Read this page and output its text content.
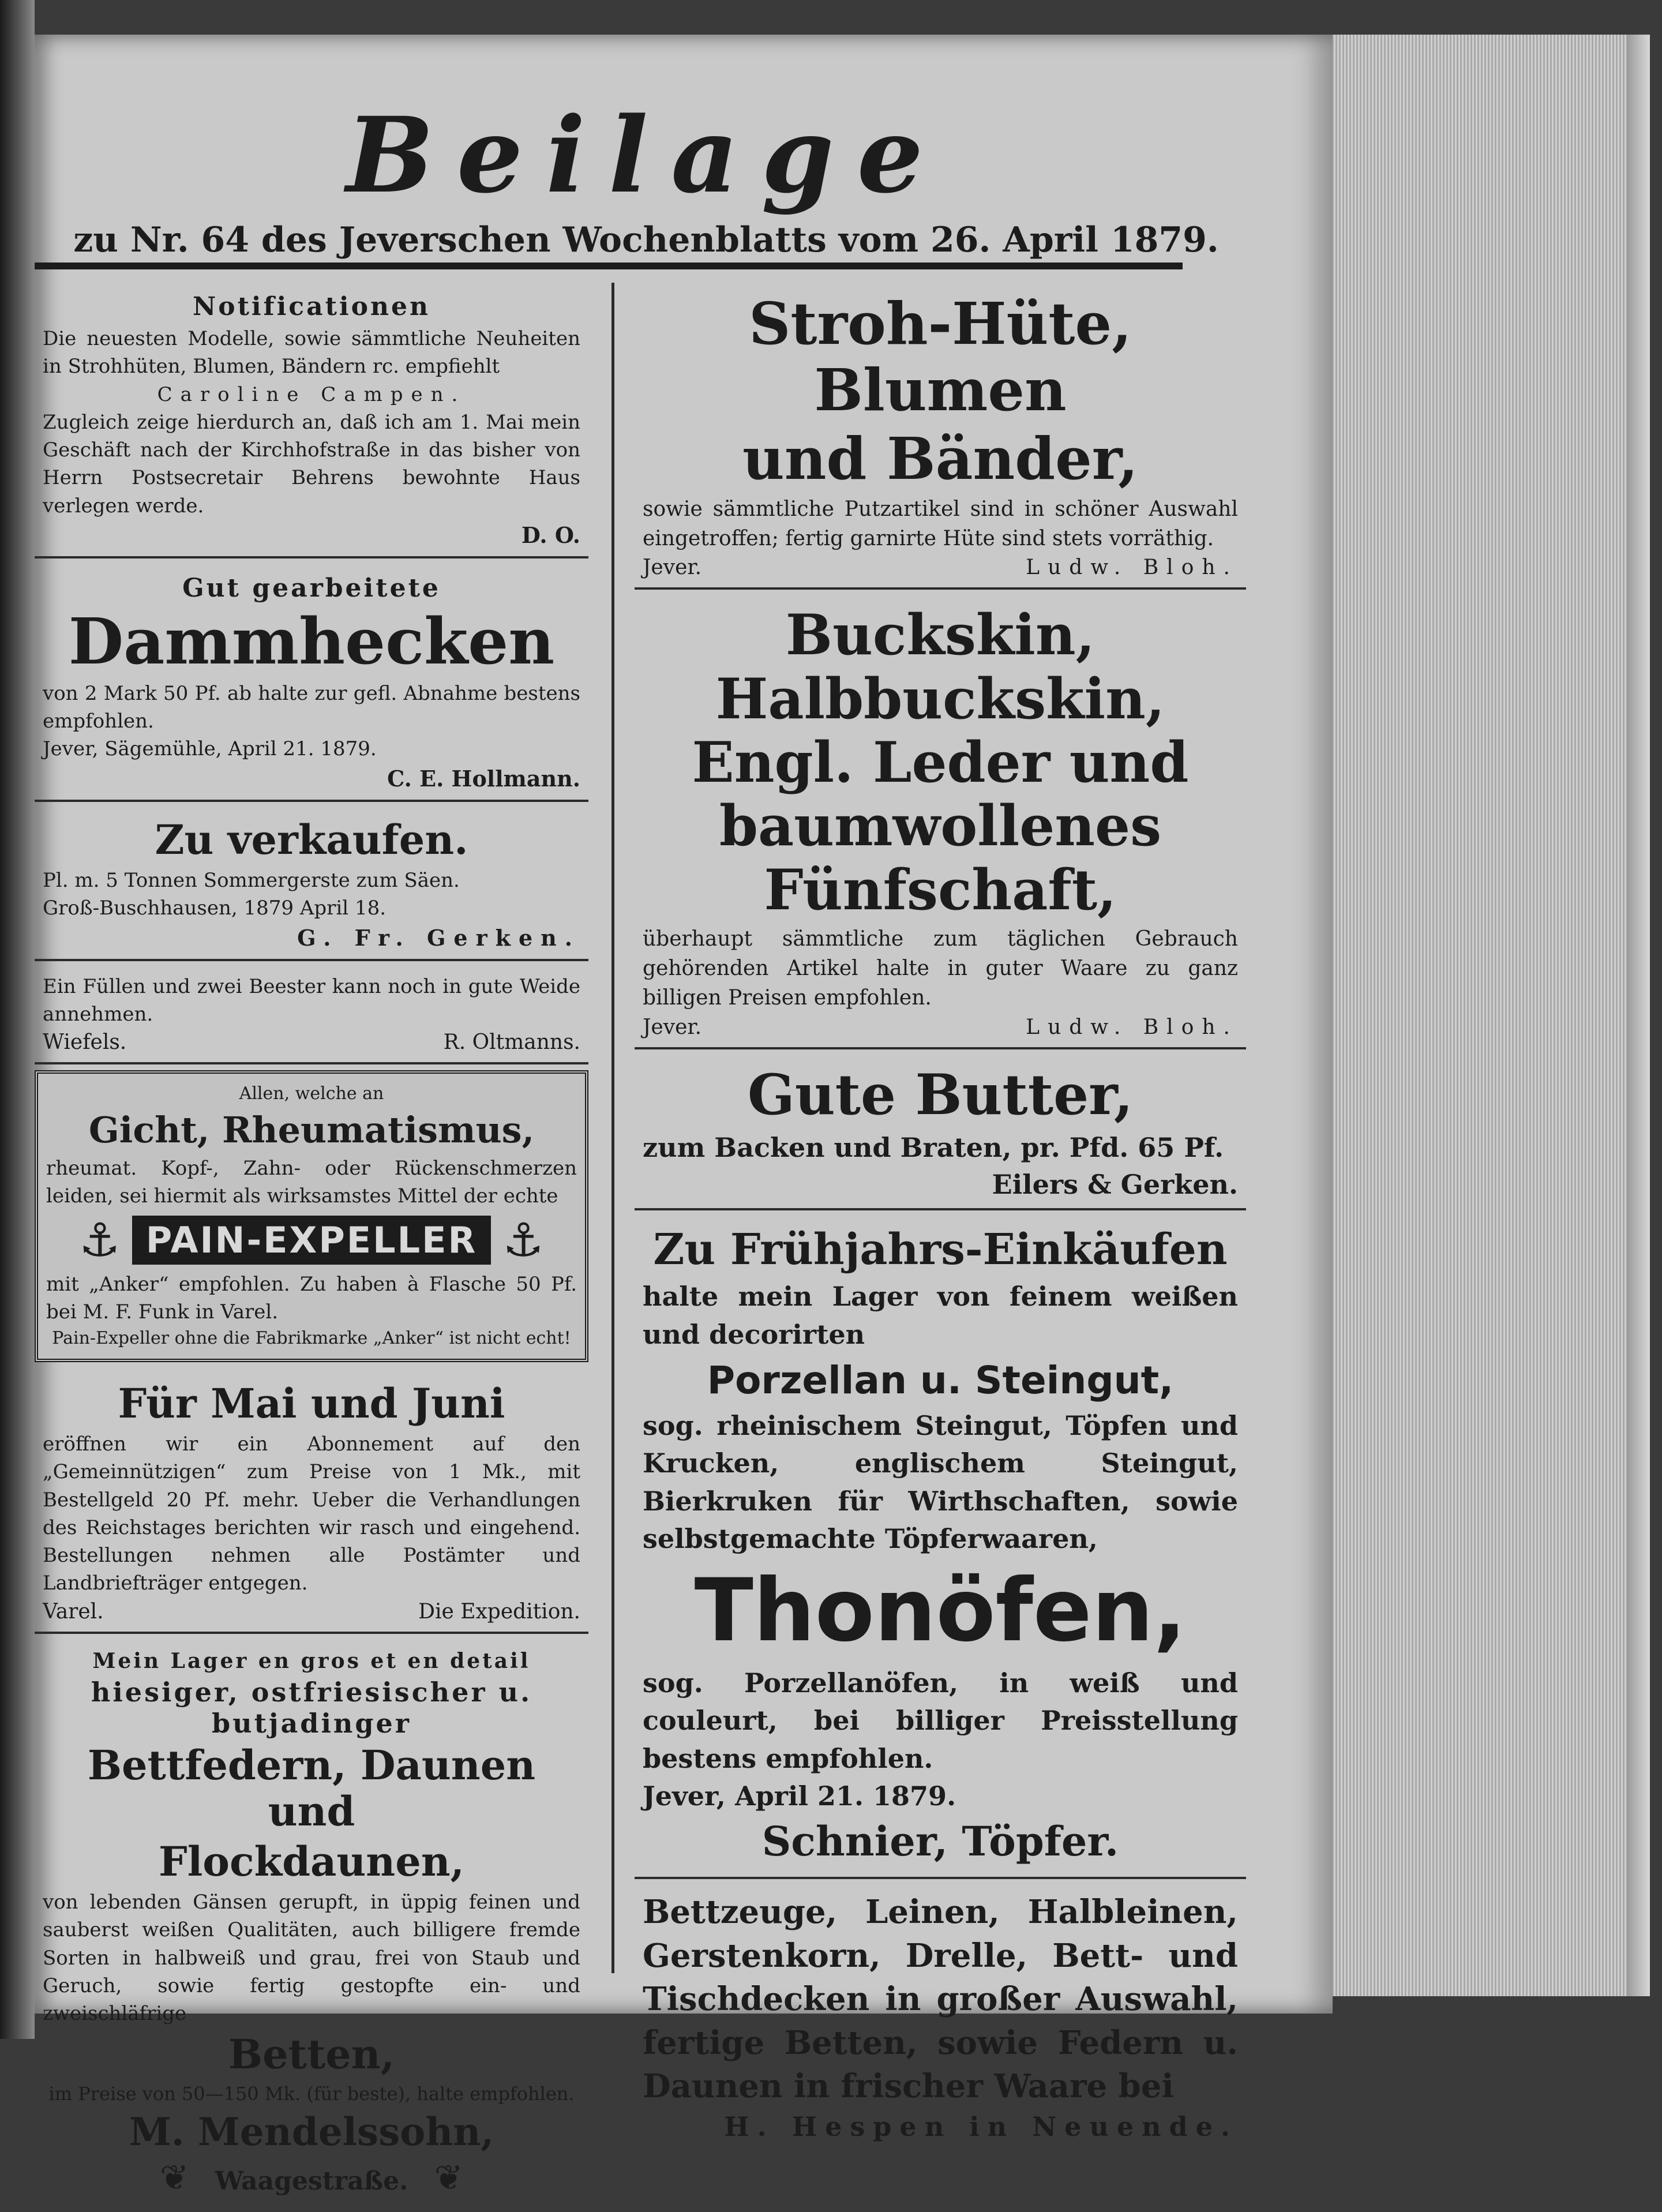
Beilage
zu Nr. 64 des Jeverschen Wochenblatts vom 26. April 1879.
Notificationen

Die neuesten Modelle, sowie sämmtliche Neuheiten in Strohhüten, Blumen, Bändern rc. empfiehlt

Caroline Campen.

Zugleich zeige hierdurch an, daß ich am 1. Mai mein Geschäft nach der Kirchhofstraße in das bisher von Herrn Postsecretair Behrens bewohnte Haus verlegen werde.

D. O.
Gut gearbeitete
Dammhecken

von 2 Mark 50 Pf. ab halte zur gefl. Abnahme bestens empfohlen.

Jever, Sägemühle, April 21. 1879.
C. E. Hollmann.
Zu verkaufen.

Pl. m. 5 Tonnen Sommergerste zum Säen.

Groß-Buschhausen, 1879 April 18.
G. Fr. Gerken.

Ein Füllen und zwei Beester kann noch in gute Weide annehmen.

Wiefels.	R. Oltmanns.
Allen, welche an
Gicht, Rheumatismus,

rheumat. Kopf-, Zahn- oder Rückenschmerzen leiden, sei hiermit als wirksamstes Mittel der echte

⚓ PAIN-EXPELLER ⚓

mit „Anker“ empfohlen. Zu haben à Flasche 50 Pf. bei M. F. Funk in Varel.

Pain-Expeller ohne die Fabrikmarke „Anker“ ist nicht echt!

Für Mai und Juni

eröffnen wir ein Abonnement auf den „Gemeinnützigen“ zum Preise von 1 Mk., mit Bestellgeld 20 Pf. mehr. Ueber die Verhandlungen des Reichstages berichten wir rasch und eingehend. Bestellungen nehmen alle Postämter und Landbriefträger entgegen.

Varel.	Die Expedition.
Mein Lager en gros et en detail
hiesiger, ostfriesischer u. butjadinger
Bettfedern, Daunen und
Flockdaunen,

von lebenden Gänsen gerupft, in üppig feinen und sauberst weißen Qualitäten, auch billigere fremde Sorten in halbweiß und grau, frei von Staub und Geruch, sowie fertig gestopfte ein- und zweischläfrige

Betten,

im Preise von 50—150 Mk. (für beste), halte empfohlen.

M. Mendelssohn,
❦ Waagestraße. ❦
Stroh-Hüte, Blumen
und Bänder,

sowie sämmtliche Putzartikel sind in schöner Auswahl eingetroffen; fertig garnirte Hüte sind stets vorräthig.

Jever.	Ludw. Bloh.
Buckskin, Halbbuckskin, Engl. Leder und baumwollenes Fünfschaft,

überhaupt sämmtliche zum täglichen Gebrauch gehörenden Artikel halte in guter Waare zu ganz billigen Preisen empfohlen.

Jever.	Ludw. Bloh.
Gute Butter,

zum Backen und Braten, pr. Pfd. 65 Pf.

Eilers & Gerken.
Zu Frühjahrs-Einkäufen

halte mein Lager von feinem weißen und decorirten

Porzellan u. Steingut,

sog. rheinischem Steingut, Töpfen und Krucken, englischem Steingut, Bierkruken für Wirthschaften, sowie selbstgemachte Töpferwaaren,

Thonöfen,

sog. Porzellanöfen, in weiß und couleurt, bei billiger Preisstellung bestens empfohlen.

Jever, April 21. 1879.
Schnier, Töpfer.

Bettzeuge, Leinen, Halbleinen, Gerstenkorn, Drelle, Bett- und Tischdecken in großer Auswahl, fertige Betten, sowie Federn u. Daunen in frischer Waare bei

H. Hespen in Neuende.
